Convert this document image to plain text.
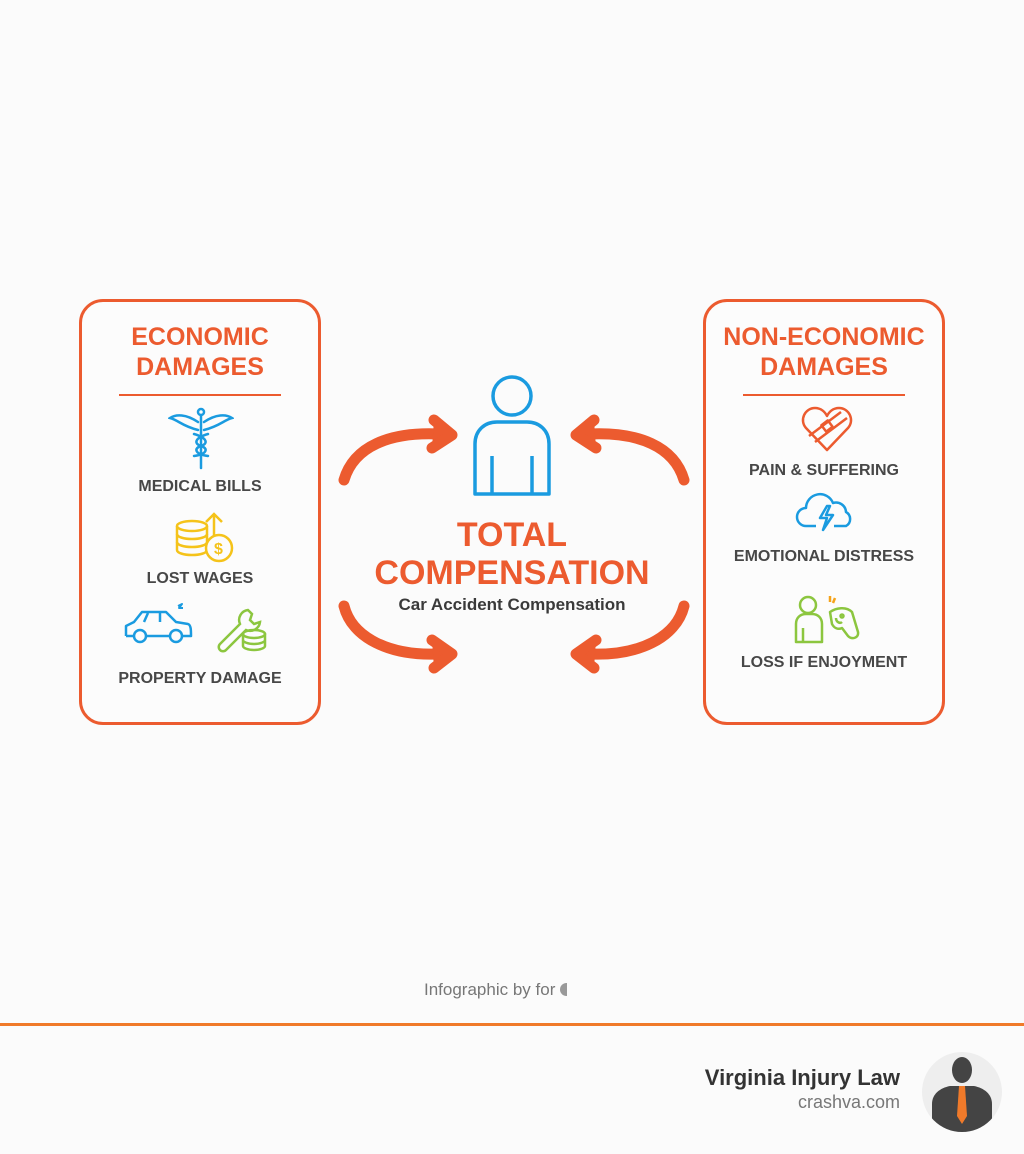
ECONOMIC
DAMAGES
MEDICAL BILLS
$
LOST WAGES
PROPERTY DAMAGE
TOTAL
COMPENSATION
Car Accident Compensation
NON-ECONOMIC
DAMAGES
PAIN & SUFFERING
EMOTIONAL DISTRESS
LOSS IF ENJOYMENT
Infographic by for
Virginia Injury Law
crashva.com
